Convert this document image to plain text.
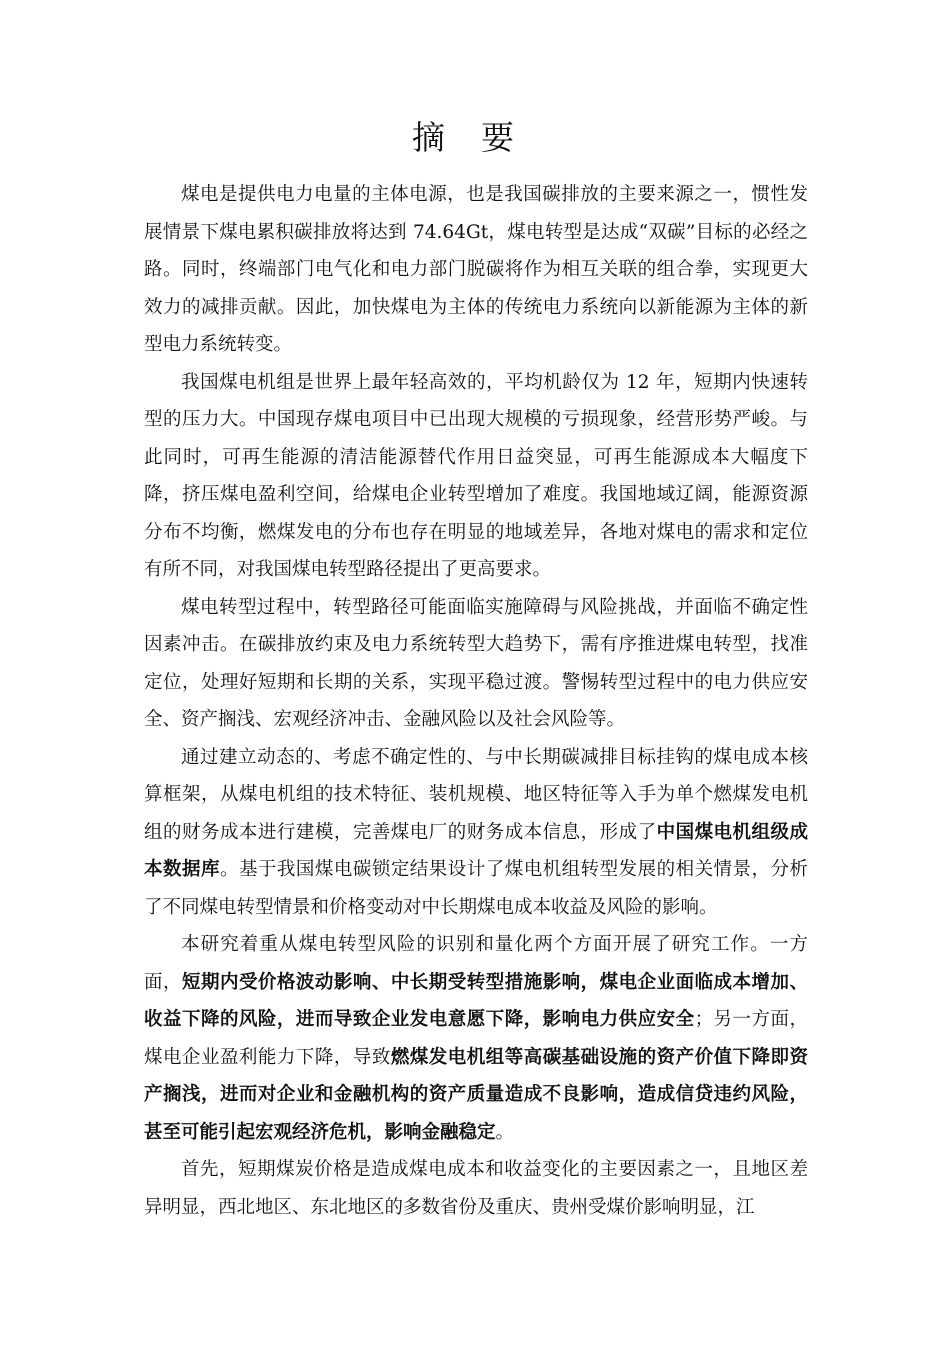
摘要

煤电是提供电力电量的主体电源，也是我国碳排放的主要来源之一，惯性发展情景下煤电累积碳排放将达到 74.64Gt，煤电转型是达成“双碳”目标的必经之路。同时，终端部门电气化和电力部门脱碳将作为相互关联的组合拳，实现更大效力的减排贡献。因此，加快煤电为主体的传统电力系统向以新能源为主体的新型电力系统转变。

我国煤电机组是世界上最年轻高效的，平均机龄仅为 12 年，短期内快速转型的压力大。中国现存煤电项目中已出现大规模的亏损现象，经营形势严峻。与此同时，可再生能源的清洁能源替代作用日益突显，可再生能源成本大幅度下降，挤压煤电盈利空间，给煤电企业转型增加了难度。我国地域辽阔，能源资源分布不均衡，燃煤发电的分布也存在明显的地域差异，各地对煤电的需求和定位有所不同，对我国煤电转型路径提出了更高要求。

煤电转型过程中，转型路径可能面临实施障碍与风险挑战，并面临不确定性因素冲击。在碳排放约束及电力系统转型大趋势下，需有序推进煤电转型，找准定位，处理好短期和长期的关系，实现平稳过渡。警惕转型过程中的电力供应安全、资产搁浅、宏观经济冲击、金融风险以及社会风险等。

通过建立动态的、考虑不确定性的、与中长期碳减排目标挂钩的煤电成本核算框架，从煤电机组的技术特征、装机规模、地区特征等入手为单个燃煤发电机组的财务成本进行建模，完善煤电厂的财务成本信息，形成了中国煤电机组级成本数据库。基于我国煤电碳锁定结果设计了煤电机组转型发展的相关情景，分析了不同煤电转型情景和价格变动对中长期煤电成本收益及风险的影响。

本研究着重从煤电转型风险的识别和量化两个方面开展了研究工作。一方面，短期内受价格波动影响、中长期受转型措施影响，煤电企业面临成本增加、收益下降的风险，进而导致企业发电意愿下降，影响电力供应安全；另一方面，煤电企业盈利能力下降，导致燃煤发电机组等高碳基础设施的资产价值下降即资产搁浅，进而对企业和金融机构的资产质量造成不良影响，造成信贷违约风险，甚至可能引起宏观经济危机，影响金融稳定。

首先，短期煤炭价格是造成煤电成本和收益变化的主要因素之一，且地区差异明显，西北地区、东北地区的多数省份及重庆、贵州受煤价影响明显，江
